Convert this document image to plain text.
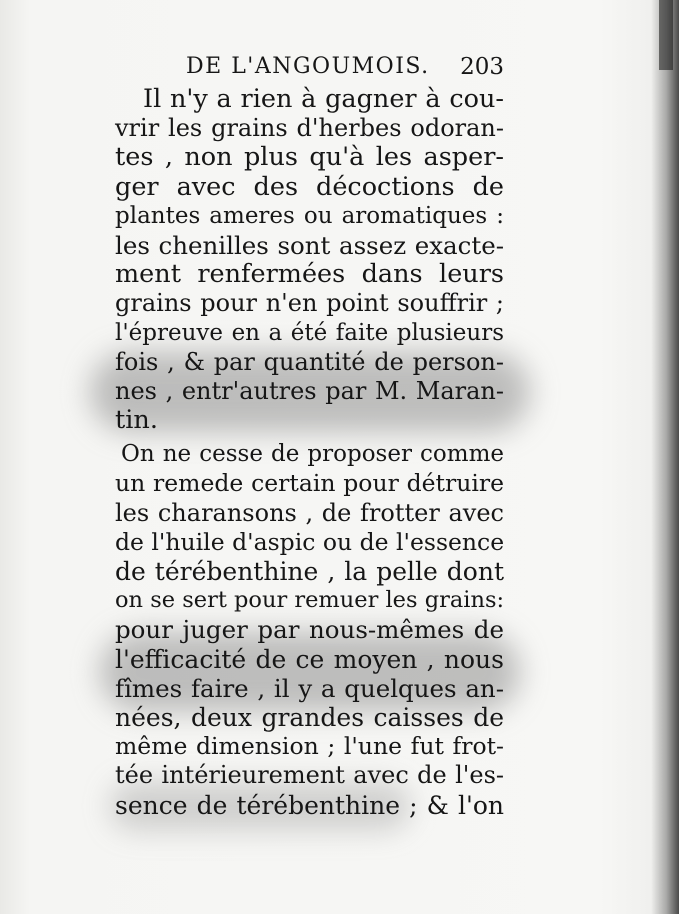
DE L'ANGOUMOIS. 203
Il n'y a rien à gagner à cou-
vrir les grains d'herbes odoran-
tes , non plus qu'à les asper-
ger avec des décoctions de
plantes ameres ou aromatiques :
les chenilles sont assez exacte-
ment renfermées dans leurs
grains pour n'en point souffrir ;
l'épreuve en a été faite plusieurs
fois , & par quantité de person-
nes , entr'autres par M. Maran-
tin.
On ne cesse de proposer comme
un remede certain pour détruire
les charansons , de frotter avec
de l'huile d'aspic ou de l'essence
de térébenthine , la pelle dont
on se sert pour remuer les grains:
pour juger par nous-mêmes de
l'efficacité de ce moyen , nous
fîmes faire , il y a quelques an-
nées, deux grandes caisses de
même dimension ; l'une fut frot-
tée intérieurement avec de l'es-
sence de térébenthine ; & l'on
